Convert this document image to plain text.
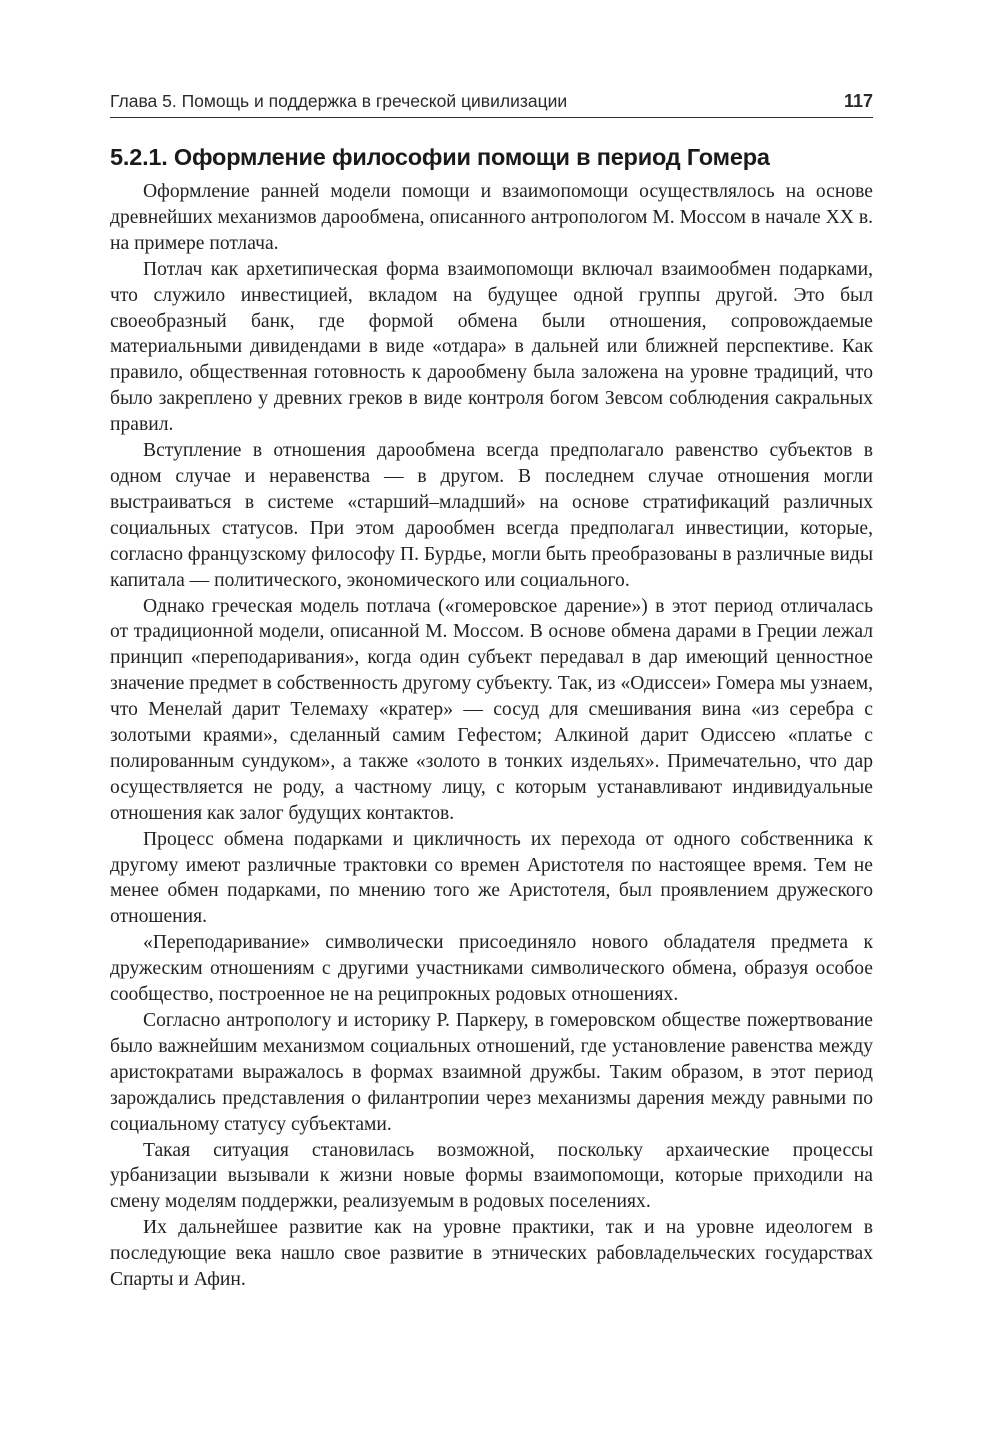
Глава 5. Помощь и поддержка в греческой цивилизации	117
5.2.1. Оформление философии помощи в период Гомера

Оформление ранней модели помощи и взаимопомощи осуществлялось на основе древнейших механизмов дарообмена, описанного антропологом М. Моссом в начале XX в. на примере потлача.

Потлач как архетипическая форма взаимопомощи включал взаимообмен подарками, что служило инвестицией, вкладом на будущее одной группы другой. Это был своеобразный банк, где формой обмена были отношения, сопровождаемые материальными дивидендами в виде «отдара» в дальней или ближней перспективе. Как правило, общественная готовность к дарообмену была заложена на уровне традиций, что было закреплено у древних греков в виде контроля богом Зевсом соблюдения сакральных правил.

Вступление в отношения дарообмена всегда предполагало равенство субъектов в одном случае и неравенства — в другом. В последнем случае отношения могли выстраиваться в системе «старший–младший» на основе стратификаций различных социальных статусов. При этом дарообмен всегда предполагал инвестиции, которые, согласно французскому философу П. Бурдье, могли быть преобразованы в различные виды капитала — политического, экономического или социального.

Однако греческая модель потлача («гомеровское дарение») в этот период отличалась от традиционной модели, описанной М. Моссом. В основе обмена дарами в Греции лежал принцип «переподаривания», когда один субъект передавал в дар имеющий ценностное значение предмет в собственность другому субъекту. Так, из «Одиссеи» Гомера мы узнаем, что Менелай дарит Телемаху «кратер» — сосуд для смешивания вина «из серебра с золотыми краями», сделанный самим Гефестом; Алкиной дарит Одиссею «платье с полированным сундуком», а также «золото в тонких издельях». Примечательно, что дар осуществляется не роду, а частному лицу, с которым устанавливают индивидуальные отношения как залог будущих контактов.

Процесс обмена подарками и цикличность их перехода от одного собственника к другому имеют различные трактовки со времен Аристотеля по настоящее время. Тем не менее обмен подарками, по мнению того же Аристотеля, был проявлением дружеского отношения.

«Переподаривание» символически присоединяло нового обладателя предмета к дружеским отношениям с другими участниками символического обмена, образуя особое сообщество, построенное не на реципрокных родовых отношениях.

Согласно антропологу и историку Р. Паркеру, в гомеровском обществе пожертвование было важнейшим механизмом социальных отношений, где установление равенства между аристократами выражалось в формах взаимной дружбы. Таким образом, в этот период зарождались представления о филантропии через механизмы дарения между равными по социальному статусу субъектами.

Такая ситуация становилась возможной, поскольку архаические процессы урбанизации вызывали к жизни новые формы взаимопомощи, которые приходили на смену моделям поддержки, реализуемым в родовых поселениях.

Их дальнейшее развитие как на уровне практики, так и на уровне идеологем в последующие века нашло свое развитие в этнических рабовладельческих государствах Спарты и Афин.
